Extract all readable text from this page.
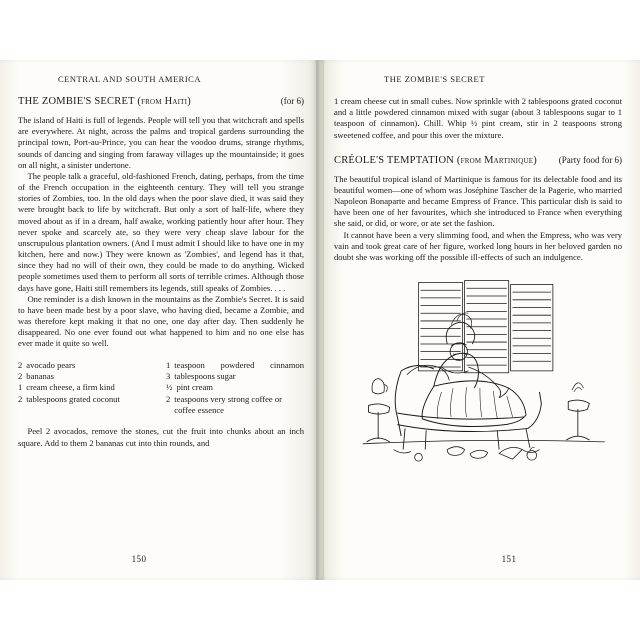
CENTRAL AND SOUTH AMERICA
THE ZOMBIE'S SECRET (from Haiti)	(for 6)

The island of Haiti is full of legends. People will tell you that witchcraft and spells are everywhere. At night, across the palms and tropical gardens surrounding the principal town, Port-au-Prince, you can hear the voodoo drums, strange rhythms, sounds of dancing and singing from faraway villages up the mountainside; it goes on all night, a sinister undertone.

The people talk a graceful, old-fashioned French, dating, perhaps, from the time of the French occupation in the eighteenth century. They will tell you strange stories of Zombies, too. In the old days when the poor slave died, it was said they were brought back to life by witchcraft. But only a sort of half-life, where they moved about as if in a dream, half awake, working patiently hour after hour. They never spoke and scarcely ate, so they were very cheap slave labour for the unscrupulous plantation owners. (And I must admit I should like to have one in my kitchen, here and now.) They were known as 'Zombies', and legend has it that, since they had no will of their own, they could be made to do anything. Wicked people sometimes used them to perform all sorts of terrible crimes. Although those days have gone, Haiti still remembers its legends, still speaks of Zombies. . . .

One reminder is a dish known in the mountains as the Zombie's Secret. It is said to have been made best by a poor slave, who having died, became a Zombie, and was therefore kept making it that no one, one day after day. Then suddenly he disappeared. No one ever found out what happened to him and no one else has ever made it quite so well.

2 avocado pears
2 bananas
1 cream cheese, a firm kind
2 tablespoons grated coconut
1 teaspoon powdered cinnamon
3 tablespoons sugar
½ pint cream
2 teaspoons very strong coffee or coffee essence
Peel 2 avocados, remove the stones, cut the fruit into chunks about an inch square. Add to them 2 bananas cut into thin rounds, and
150
THE ZOMBIE'S SECRET

1 cream cheese cut in small cubes. Now sprinkle with 2 tablespoons grated coconut and a little powdered cinnamon mixed with sugar (about 3 tablespoons sugar to 1 teaspoon of cinnamon). Chill. Whip ½ pint cream, stir in 2 teaspoons strong sweetened coffee, and pour this over the mixture.

CRÉOLE'S TEMPTATION (from Martinique)	(Party food for 6)

The beautiful tropical island of Martinique is famous for its delectable food and its beautiful women—one of whom was Joséphine Tascher de la Pagerie, who married Napoleon Bonaparte and became Empress of France. This particular dish is said to have been one of her favourites, which she introduced to France when everything she said, or did, or wore, or ate set the fashion.

It cannot have been a very slimming food, and when the Empress, who was very vain and took great care of her figure, worked long hours in her beloved garden no doubt she was working off the possible ill-effects of such an indulgence.

151
